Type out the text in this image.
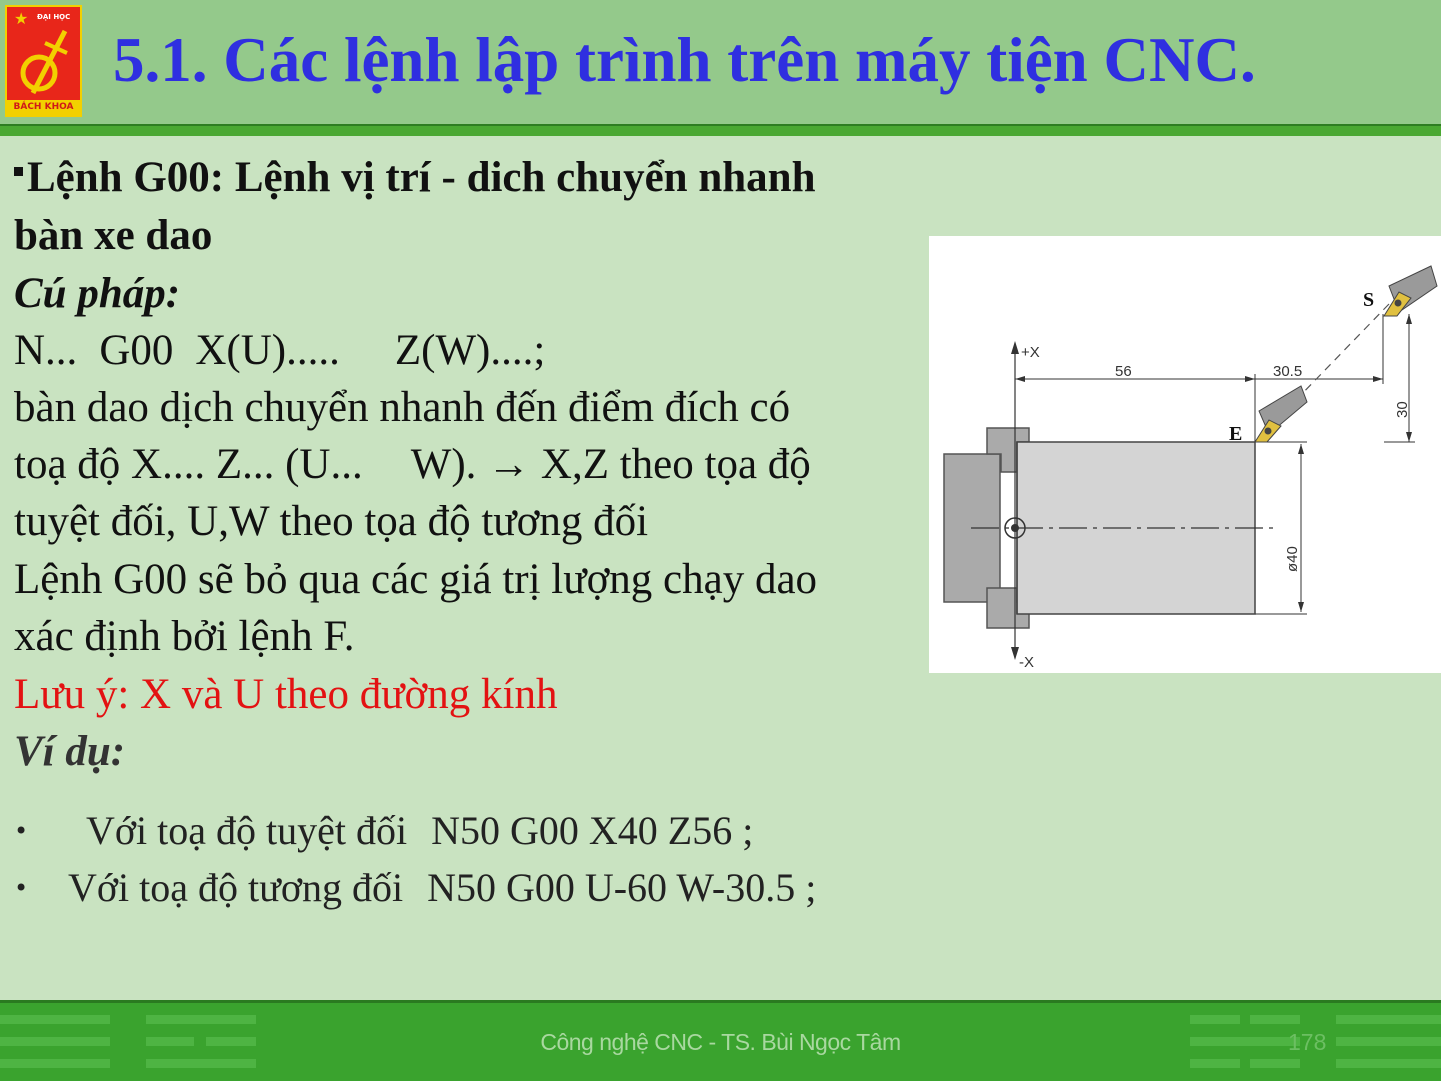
★ ĐẠI HỌC
BÁCH KHOA
5.1. Các lệnh lập trình trên máy tiện CNC.
Lệnh G00: Lệnh vị trí - dich chuyển nhanh
bàn xe dao
Cú pháp:
N... G00 X(U)..... Z(W)....;
bàn dao dịch chuyển nhanh đến điểm đích có
toạ độ X.... Z... (U... W). → X,Z theo tọa độ
tuyệt đối, U,W theo tọa độ tương đối
Lệnh G00 sẽ bỏ qua các giá trị lượng chạy dao
xác định bởi lệnh F.
Lưu ý: X và U theo đường kính
Ví dụ:
• Với toạ độ tuyệt đối N50 G00 X40 Z56 ;
• Với toạ độ tương đối N50 G00 U-60 W-30.5 ;
+X
-X
56	30.5
30
ø40
E
S
Công nghệ CNC - TS. Bùi Ngọc Tâm	178
